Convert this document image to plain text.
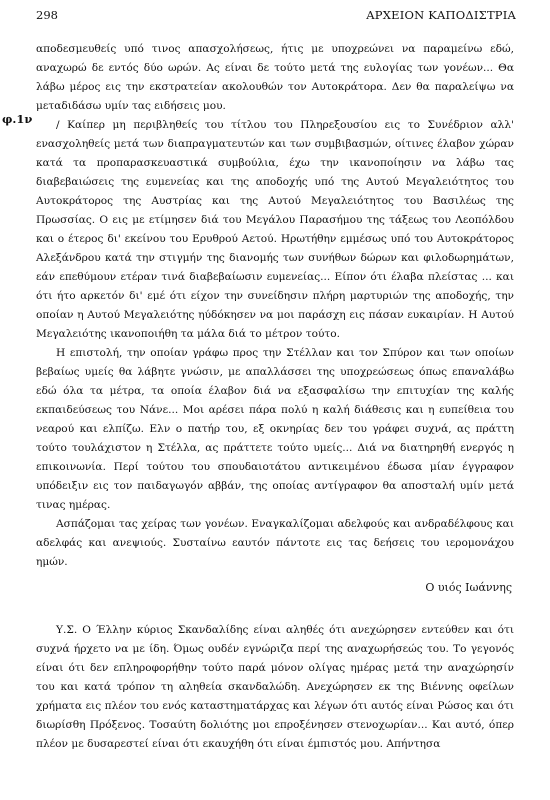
298	ΑΡΧΕΙΟΝ ΚΑΠΟΔΙΣΤΡΙΑ
φ.1ν

αποδεσμευθείς υπό τινος απασχολήσεως, ήτις με υποχρεώνει να παραμείνω εδώ, αναχωρώ δε εντός δύο ωρών. Ας είναι δε τούτο μετά της ευλογίας των γονέων... Θα λάβω μέρος εις την εκστρατείαν ακολουθών τον Αυτοκράτορα. Δεν θα παραλείψω να μεταδιδάσω υμίν τας ειδήσεις μου.

/ Καίπερ μη περιβληθείς του τίτλου του Πληρεξουσίου εις το Συνέδριον αλλ' ενασχοληθείς μετά των διαπραγματευτών και των συμβιβασμών, οίτινες έλαβον χώραν κατά τα προπαρασκευαστικά συμβούλια, έχω την ικανοποίησιν να λάβω τας διαβεβαιώσεις της ευμενείας και της αποδοχής υπό της Αυτού Μεγαλειότητος του Αυτοκράτορος της Αυστρίας και της Αυτού Μεγαλειότητος του Βασιλέως της Πρωσσίας. Ο εις με ετίμησεν διά του Μεγάλου Παρασήμου της τάξεως του Λεοπόλδου και ο έτερος δι' εκείνου του Ερυθρού Αετού. Ηρωτήθην εμμέσως υπό του Αυτοκράτορος Αλεξάνδρου κατά την στιγμήν της διανομής των συνήθων δώρων και φιλοδωρημάτων, εάν επεθύμουν ετέραν τινά διαβεβαίωσιν ευμενείας... Είπον ότι έλαβα πλείστας ... και ότι ήτο αρκετόν δι' εμέ ότι είχον την συνείδησιν πλήρη μαρτυριών της αποδοχής, την οποίαν η Αυτού Μεγαλειότης ηύδόκησεν να μοι παράσχη εις πάσαν ευκαιρίαν. Η Αυτού Μεγαλειότης ικανοποιήθη τα μάλα διά το μέτρον τούτο.

Η επιστολή, την οποίαν γράφω προς την Στέλλαν και τον Σπύρον και των οποίων βεβαίως υμείς θα λάβητε γνώσιν, με απαλλάσσει της υποχρεώσεως όπως επαναλάβω εδώ όλα τα μέτρα, τα οποία έλαβον διά να εξασφαλίσω την επιτυχίαν της καλής εκπαιδεύσεως του Νάνε... Μοι αρέσει πάρα πολύ η καλή διάθεσις και η ευπείθεια του νεαρού και ελπίζω. Ελν ο πατήρ του, εξ οκνηρίας δεν του γράφει συχνά, ας πράττη τούτο τουλάχιστον η Στέλλα, ας πράττετε τούτο υμείς... Διά να διατηρηθή ενεργός η επικοινωνία. Περί τούτου του σπουδαιοτάτου αντικειμένου έδωσα μίαν έγγραφον υπόδειξιν εις τον παιδαγωγόν αββάν, της οποίας αντίγραφον θα αποσταλή υμίν μετά τινας ημέρας.

Ασπάζομαι τας χείρας των γονέων. Εναγκαλίζομαι αδελφούς και ανδραδέλφους και αδελφάς και ανεψιούς. Συσταίνω εαυτόν πάντοτε εις τας δεήσεις του ιερομονάχου ημών.

Ο υιός Ιωάννης

Υ.Σ. Ο Έλλην κύριος Σκανδαλίδης είναι αληθές ότι ανεχώρησεν εντεύθεν και ότι συχνά ήρχετο να με ίδη. Όμως ουδέν εγνώριζα περί της αναχωρήσεώς του. Το γεγονός είναι ότι δεν επληροφορήθην τούτο παρά μόνον ολίγας ημέρας μετά την αναχώρησίν του και κατά τρόπον τη αληθεία σκανδαλώδη. Ανεχώρησεν εκ της Βιέννης οφείλων χρήματα εις πλέον του ενός καταστηματάρχας και λέγων ότι αυτός είναι Ρώσος και ότι διωρίσθη Πρόξενος. Τοσαύτη δολιότης μοι επροξένησεν στενοχωρίαν... Και αυτό, όπερ πλέον με δυσαρεστεί είναι ότι εκαυχήθη ότι είναι έμπιστός μου. Απήντησα
